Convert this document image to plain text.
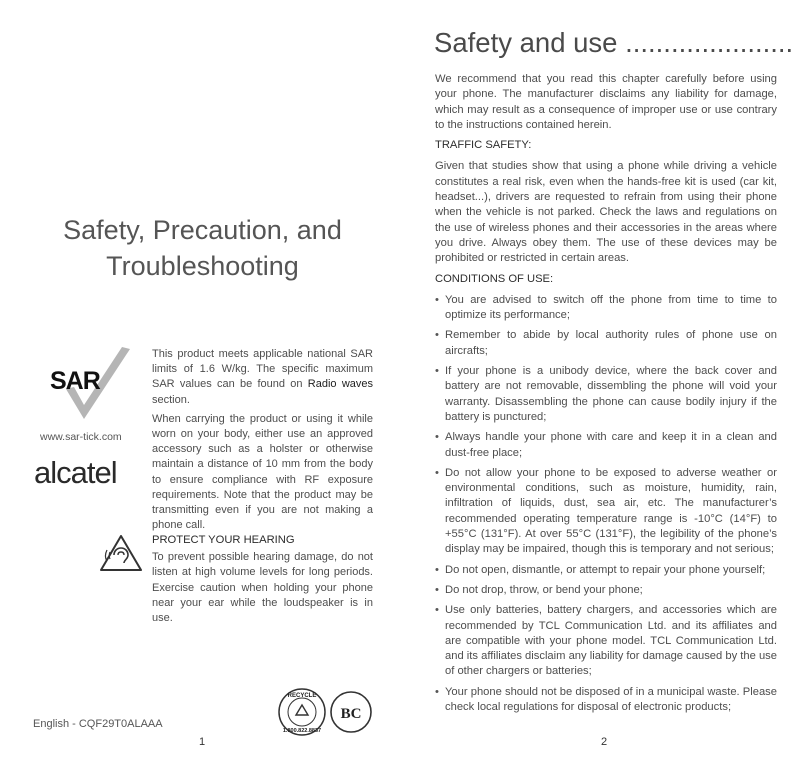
Safety, Precaution, and Troubleshooting
SAR
www.sar-tick.com
alcatel

This product meets applicable national SAR limits of 1.6 W/kg. The specific maximum SAR values can be found on Radio waves section.

When carrying the product or using it while worn on your body, either use an approved accessory such as a holster or otherwise maintain a distance of 10 mm from the body to ensure compliance with RF exposure requirements. Note that the product may be transmitting even if you are not making a phone call.

PROTECT YOUR HEARING

To prevent possible hearing damage, do not listen at high volume levels for long periods. Exercise caution when holding your phone near your ear while the loudspeaker is in use.

RECYCLE
1.800.822.8837
BC
English - CQF29T0ALAAA
1
Safety and use ......................

We recommend that you read this chapter carefully before using your phone. The manufacturer disclaims any liability for damage, which may result as a consequence of improper use or use contrary to the instructions contained herein.

TRAFFIC SAFETY:

Given that studies show that using a phone while driving a vehicle constitutes a real risk, even when the hands-free kit is used (car kit, headset...), drivers are requested to refrain from using their phone when the vehicle is not parked. Check the laws and regulations on the use of wireless phones and their accessories in the areas where you drive. Always obey them. The use of these devices may be prohibited or restricted in certain areas.

CONDITIONS OF USE:

• You are advised to switch off the phone from time to time to optimize its performance;
• Remember to abide by local authority rules of phone use on aircrafts;
• If your phone is a unibody device, where the back cover and battery are not removable, dissembling the phone will void your warranty. Disassembling the phone can cause bodily injury if the battery is punctured;
• Always handle your phone with care and keep it in a clean and dust-free place;
• Do not allow your phone to be exposed to adverse weather or environmental conditions, such as moisture, humidity, rain, infiltration of liquids, dust, sea air, etc. The manufacturer’s recommended operating temperature range is -10°C (14°F) to +55°C (131°F). At over 55°C (131°F), the legibility of the phone’s display may be impaired, though this is temporary and not serious;
• Do not open, dismantle, or attempt to repair your phone yourself;
• Do not drop, throw, or bend your phone;
• Use only batteries, battery chargers, and accessories which are recommended by TCL Communication Ltd. and its affiliates and are compatible with your phone model. TCL Communication Ltd. and its affiliates disclaim any liability for damage caused by the use of other chargers or batteries;
• Your phone should not be disposed of in a municipal waste. Please check local regulations for disposal of electronic products;
2
